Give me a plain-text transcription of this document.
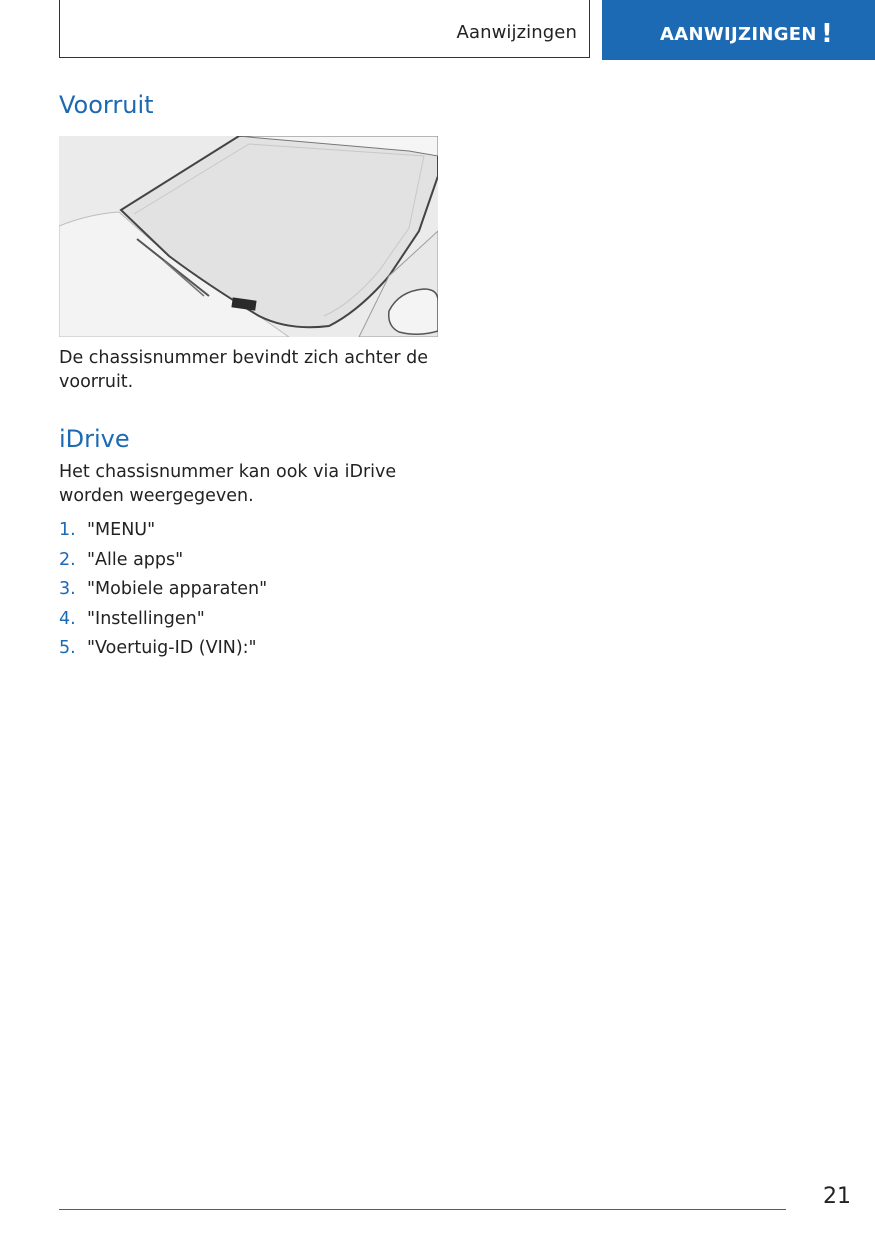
Aanwijzingen	AANWIJZINGEN !
Voorruit

De chassisnummer bevindt zich achter de voorruit.

iDrive

Het chassisnummer kan ook via iDrive worden weergegeven.

1. "MENU"
2. "Alle apps"
3. "Mobiele apparaten"
4. "Instellingen"
5. "Voertuig-ID (VIN):"
21
